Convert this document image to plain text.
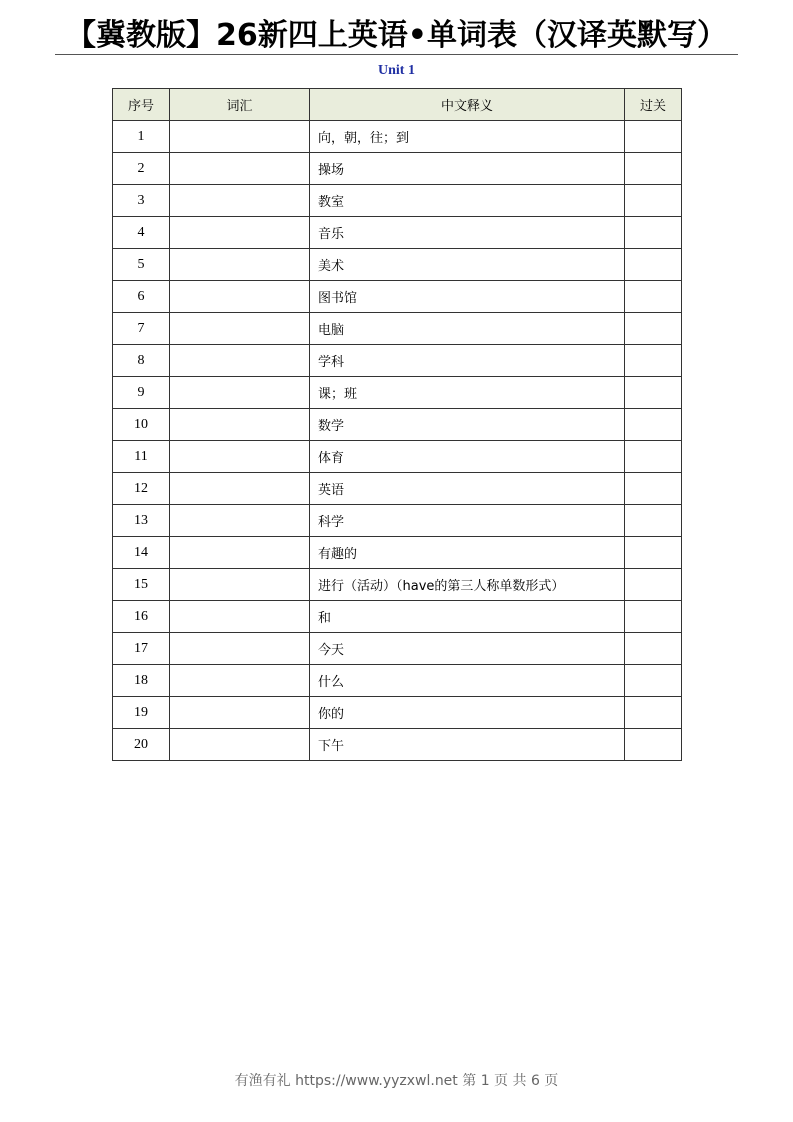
【冀教版】26新四上英语•单词表（汉译英默写）
Unit 1
序号	词汇	中文释义	过关
1		向，朝，往；到	
2		操场	
3		教室	
4		音乐	
5		美术	
6		图书馆	
7		电脑	
8		学科	
9		课；班	
10		数学	
11		体育	
12		英语	
13		科学	
14		有趣的	
15		进行（活动）（have的第三人称单数形式）	
16		和	
17		今天	
18		什么	
19		你的	
20		下午	
有渔有礼 https://www.yyzxwl.net 第 1 页 共 6 页
